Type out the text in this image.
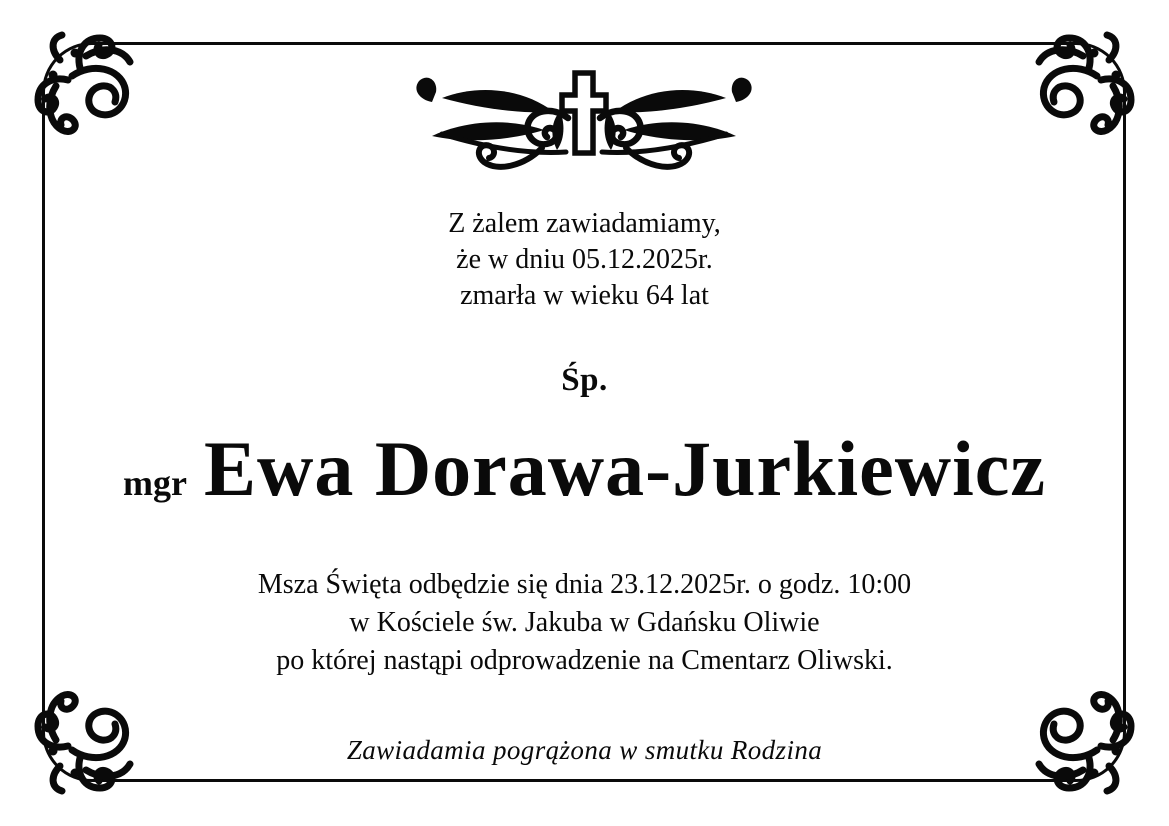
Z żalem zawiadamiamy,
że w dniu 05.12.2025r.
zmarła w wieku 64 lat
Śp.
mgr Ewa Dorawa-Jurkiewicz
Msza Święta odbędzie się dnia 23.12.2025r. o godz. 10:00
w Kościele św. Jakuba w Gdańsku Oliwie
po której nastąpi odprowadzenie na Cmentarz Oliwski.
Zawiadamia pogrążona w smutku Rodzina
